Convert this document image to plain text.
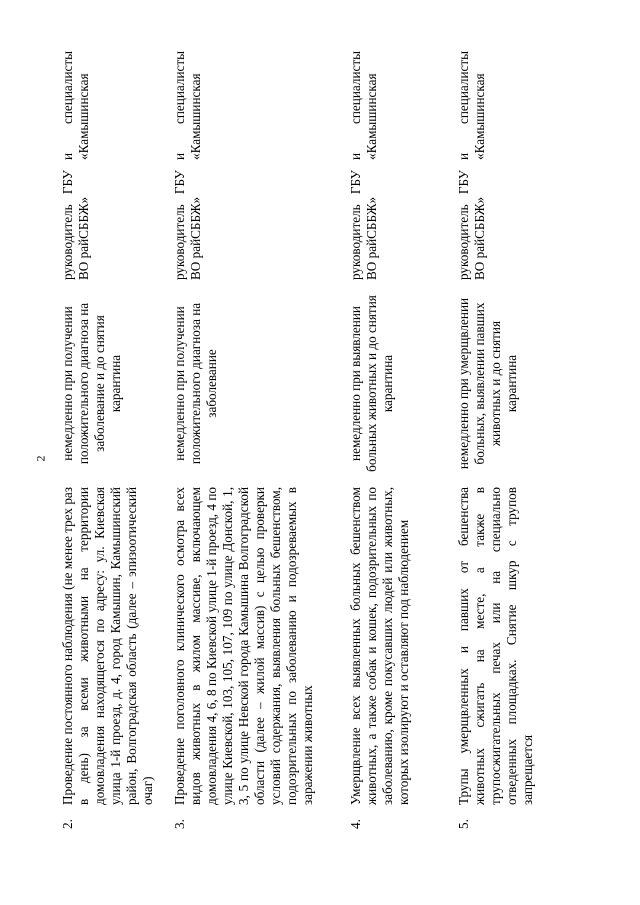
2
2.	Проведение постоянного наблюдения (не менее трех раз в день) за всеми животными на территории домовладения находящегося по адресу: ул. Киевская улица 1-й проезд, д. 4, город Камышин, Камышинский район, Волгоградская область (далее – эпизоотический очаг)	немедленно при получении положительного диагноза на заболевание и до снятия карантина	руководитель ГБУ ВО райСББЖ»
и специалисты «Камышинская

3.	Проведение поголовного клинического осмотра всех видов животных в жилом массиве, включающем домовладения 4, 6, 8 по Киевской улице 1-й проезд, 4 по улице Киевской, 103, 105, 107, 109 по улице Донской, 1, 3, 5 по улице Невской города Камышина Волгоградской области (далее – жилой массив) с целью проверки условий содержания, выявления больных бешенством, подозрительных по заболеванию и подозреваемых в заражении животных	немедленно при получении положительного диагноза на заболевание	руководитель ГБУ ВО райСББЖ»
и специалисты «Камышинская

4.	Умерщвление всех выявленных больных бешенством животных, а также собак и кошек, подозрительных по заболеванию, кроме покусавших людей или животных, которых изолируют и оставляют под наблюдением	немедленно при выявлении больных животных и до снятия карантина	руководитель ГБУ ВО райСББЖ»
и специалисты «Камышинская

5.	Трупы умерщвленных и павших от бешенства животных сжигать на месте, а также в трупосжигательных печах или на специально отведенных площадках. Снятие шкур с трупов запрещается	немедленно при умерщвлении больных, выявлении павших животных и до снятия карантина	руководитель ГБУ ВО райСББЖ»
и специалисты «Камышинская
